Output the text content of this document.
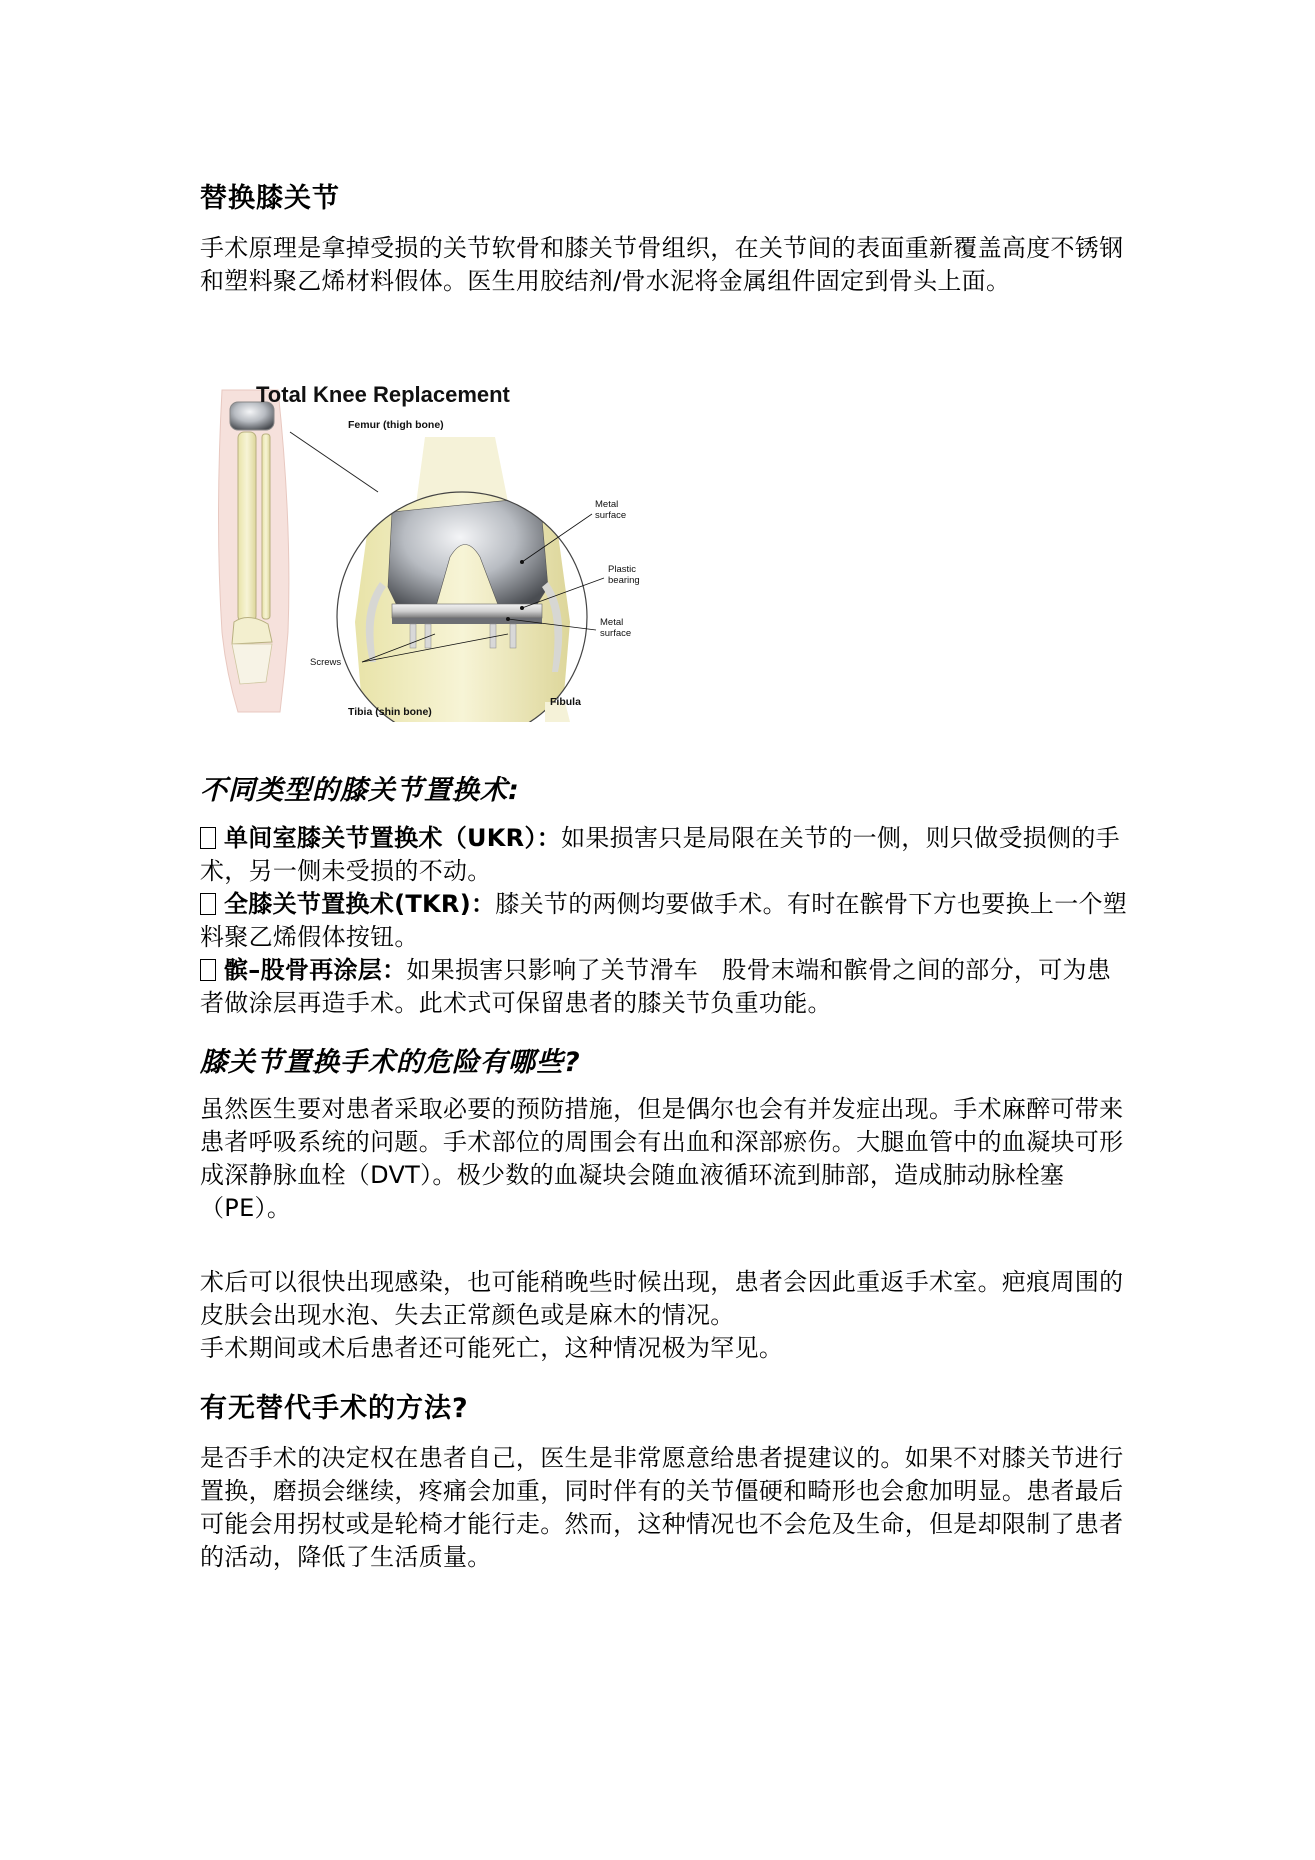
替换膝关节

手术原理是拿掉受损的关节软骨和膝关节骨组织，在关节间的表面重新覆盖高度不锈钢和塑料聚乙烯材料假体。医生用胶结剂/骨水泥将金属组件固定到骨头上面。

Total Knee Replacement
Femur (thigh bone)
Metal
surface
Plastic
bearing
Metal
surface
Screws
Tibia (shin bone)
Fibula
不同类型的膝关节置换术:
单间室膝关节置换术（UKR）：如果损害只是局限在关节的一侧，则只做受损侧的手术，另一侧未受损的不动。
全膝关节置换术(TKR)：膝关节的两侧均要做手术。有时在髌骨下方也要换上一个塑料聚乙烯假体按钮。
髌–股骨再涂层：如果损害只影响了关节滑车　股骨末端和髌骨之间的部分，可为患者做涂层再造手术。此术式可保留患者的膝关节负重功能。
膝关节置换手术的危险有哪些?

虽然医生要对患者采取必要的预防措施，但是偶尔也会有并发症出现。手术麻醉可带来患者呼吸系统的问题。手术部位的周围会有出血和深部瘀伤。大腿血管中的血凝块可形成深静脉血栓（DVT）。极少数的血凝块会随血液循环流到肺部，造成肺动脉栓塞（PE）。

术后可以很快出现感染，也可能稍晚些时候出现，患者会因此重返手术室。疤痕周围的皮肤会出现水泡、失去正常颜色或是麻木的情况。

手术期间或术后患者还可能死亡，这种情况极为罕见。

有无替代手术的方法?

是否手术的决定权在患者自己，医生是非常愿意给患者提建议的。如果不对膝关节进行置换，磨损会继续，疼痛会加重，同时伴有的关节僵硬和畸形也会愈加明显。患者最后可能会用拐杖或是轮椅才能行走。然而，这种情况也不会危及生命，但是却限制了患者的活动，降低了生活质量。
